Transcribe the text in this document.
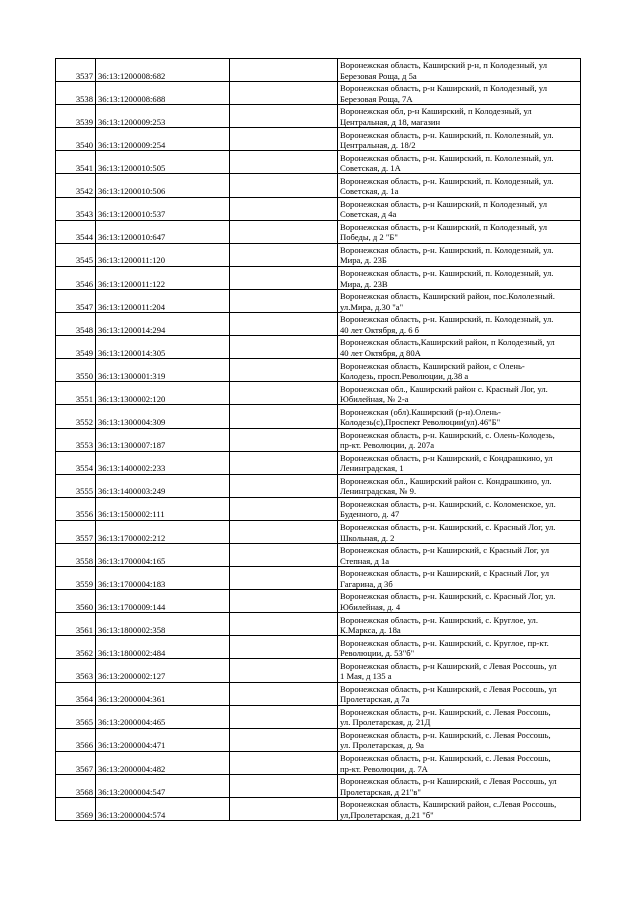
3537	36:13:1200008:682		Воронежская область, Каширский р-н, п Колодезный, ул
Березовая Роща, д 5а

3538	36:13:1200008:688		Воронежская область, р-н Каширский, п Колодезный, ул
Березовая Роща, 7А

3539	36:13:1200009:253		Воронежская обл, р-н Каширский, п Колодезный, ул
Центральная, д 18, магазин

3540	36:13:1200009:254		Воронежская область, р-н. Каширский, п. Кололезный, ул.
Центральная, д. 18/2

3541	36:13:1200010:505		Воронежская область, р-н. Каширский, п. Кололезный, ул.
Советская, д. 1А

3542	36:13:1200010:506		Воронежская область, р-н. Каширский, п. Колодезный, ул.
Советская, д. 1а

3543	36:13:1200010:537		Воронежская область, р-н Каширский, п Колодезный, ул
Советская, д 4а

3544	36:13:1200010:647		Воронежская область, р-н Каширский, п Колодезный, ул
Победы, д 2 "Б"

3545	36:13:1200011:120		Воронежская область, р-н. Каширский, п. Колодезный, ул.
Мира, д. 23Б

3546	36:13:1200011:122		Воронежская область, р-н. Каширский, п. Колодезный, ул.
Мира, д. 23В

3547	36:13:1200011:204		Воронежская область, Каширский район, пос.Кололезный.
ул.Мира, д.30 "а"

3548	36:13:1200014:294		Воронежская область, р-н. Каширский, п. Колодезный, ул.
40 лет Октября, д. 6 б

3549	36:13:1200014:305		Воронежская область,Каширский район, п Колодезный, ул
40 лет Октября, д 80А

3550	36:13:1300001:319		Воронежская область, Каширский район, с Олень-
Колодезь, просп.Революции, д.38 а

3551	36:13:1300002:120		Воронежская обл., Каширский район с. Красный Лог, ул.
Юбилейная, № 2-а

3552	36:13:1300004:309		Воронежская (обл).Каширский (р-н).Олень-
Колодезь(с),Проспект Революции(ул).46"Б"

3553	36:13:1300007:187		Воронежская область, р-н. Каширский, с. Олень-Колодезь,
пр-кт. Революции, д. 207а

3554	36:13:1400002:233		Воронежская область, р-н Каширский, с Кондрашкино, ул
Ленинградская, 1

3555	36:13:1400003:249		Воронежская обл., Каширский район с. Кондрашкино, ул.
Ленинградская, № 9.

3556	36:13:1500002:111		Воронежская область, р-н. Каширский, с. Коломенское, ул.
Буденного, д. 47

3557	36:13:1700002:212		Воронежская область, р-н. Каширский, с. Красный Лог, ул.
Школьная, д. 2

3558	36:13:1700004:165		Воронежская область, р-н Каширский, с Красный Лог, ул
Степная, д 1а

3559	36:13:1700004:183		Воронежская область, р-н Каширский, с Красный Лог, ул
Гагарина, д 3б

3560	36:13:1700009:144		Воронежская область, р-н. Каширский, с. Красный Лог, ул.
Юбилейная, д. 4

3561	36:13:1800002:358		Воронежская область, р-н. Каширский, с. Круглое, ул.
К.Маркса, д. 18а

3562	36:13:1800002:484		Воронежская область, р-н. Каширский, с. Круглое, пр-кт.
Революции, д. 53"б"

3563	36:13:2000002:127		Воронежская область, р-н Каширский, с Левая Россошь, ул
1 Мая, д 135 а

3564	36:13:2000004:361		Воронежская область, р-н Каширский, с Левая Россошь, ул
Пролетарская, д 7а

3565	36:13:2000004:465		Воронежская область, р-н. Каширский, с. Левая Россошь,
ул. Пролетарская, д. 21Д

3566	36:13:2000004:471		Воронежская область, р-н. Каширский, с. Левая Россошь,
ул. Пролетарская, д. 9а

3567	36:13:2000004:482		Воронежская область, р-н. Каширский, с. Левая Россошь,
пр-кт. Революции, д. 7А

3568	36:13:2000004:547		Воронежская область, р-н Каширский, с Левая Россошь, ул
Пролетарская, д 21"в"

3569	36:13:2000004:574		Воронежская область, Каширский район, с.Левая Россошь,
ул,Пролетарская, д.21 "б"
